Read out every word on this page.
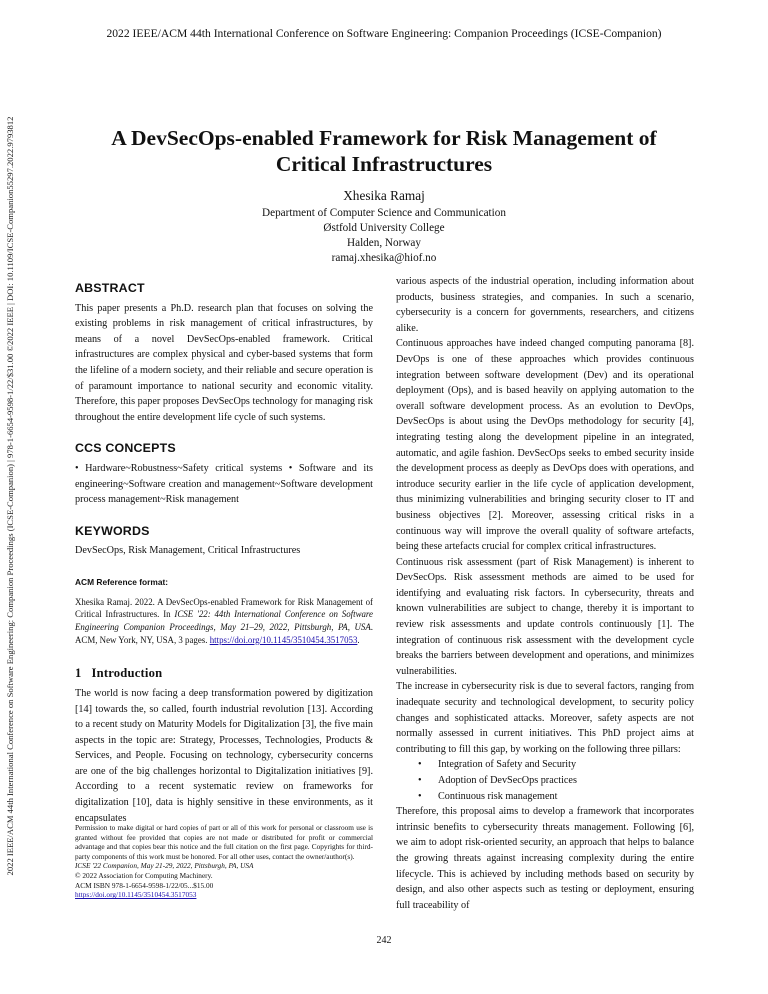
2022 IEEE/ACM 44th International Conference on Software Engineering: Companion Proceedings (ICSE-Companion) | 978-1-6654-9598-1/22/$31.00 ©2022 IEEE | DOI: 10.1109/ICSE-Companion55297.2022.9793812
2022 IEEE/ACM 44th International Conference on Software Engineering: Companion Proceedings (ICSE-Companion)
A DevSecOps-enabled Framework for Risk Management of
Critical Infrastructures
Xhesika Ramaj
Department of Computer Science and Communication
Østfold University College
Halden, Norway
ramaj.xhesika@hiof.no
ABSTRACT

This paper presents a Ph.D. research plan that focuses on solving the existing problems in risk management of critical infrastructures, by means of a novel DevSecOps-enabled framework. Critical infrastructures are complex physical and cyber-based systems that form the lifeline of a modern society, and their reliable and secure operation is of paramount importance to national security and economic vitality. Therefore, this paper proposes DevSecOps technology for managing risk throughout the entire development life cycle of such systems.

CCS CONCEPTS

• Hardware~Robustness~Safety critical systems • Software and its engineering~Software creation and management~Software development process management~Risk management

KEYWORDS

DevSecOps, Risk Management, Critical Infrastructures

ACM Reference format:

Xhesika Ramaj. 2022. A DevSecOps-enabled Framework for Risk Management of Critical Infrastructures. In ICSE '22: 44th International Conference on Software Engineering Companion Proceedings, May 21–29, 2022, Pittsburgh, PA, USA. ACM, New York, NY, USA, 3 pages. https://doi.org/10.1145/3510454.3517053.

1   Introduction

The world is now facing a deep transformation powered by digitization [14] towards the, so called, fourth industrial revolution [13]. According to a recent study on Maturity Models for Digitalization [3], the five main aspects in the topic are: Strategy, Processes, Technologies, Products & Services, and People. Focusing on technology, cybersecurity concerns are one of the big challenges horizontal to Digitalization initiatives [9]. According to a recent systematic review on frameworks for digitalization [10], data is highly sensitive in these environments, as it encapsulates

Permission to make digital or hard copies of part or all of this work for personal or classroom use is granted without fee provided that copies are not made or distributed for profit or commercial advantage and that copies bear this notice and the full citation on the first page. Copyrights for third-party components of this work must be honored. For all other uses, contact the owner/author(s).

ICSE '22 Companion, May 21-29, 2022, Pittsburgh, PA, USA
© 2022 Association for Computing Machinery.
ACM ISBN 978-1-6654-9598-1/22/05...$15.00
https://doi.org/10.1145/3510454.3517053

various aspects of the industrial operation, including information about products, business strategies, and companies. In such a scenario, cybersecurity is a concern for governments, researchers, and citizens alike.

Continuous approaches have indeed changed computing panorama [8]. DevOps is one of these approaches which provides continuous integration between software development (Dev) and its operational deployment (Ops), and is based heavily on applying automation to the overall software development process. As an evolution to DevOps, DevSecOps is about using the DevOps methodology for security [4], integrating testing along the development pipeline in an integrated, automatic, and agile fashion. DevSecOps seeks to embed security inside the development process as deeply as DevOps does with operations, and introduce security earlier in the life cycle of application development, thus minimizing vulnerabilities and bringing security closer to IT and business objectives [2]. Moreover, assessing critical risks in a continuous way will improve the overall quality of software artefacts, being these artefacts crucial for complex critical infrastructures.

Continuous risk assessment (part of Risk Management) is inherent to DevSecOps. Risk assessment methods are aimed to be used for identifying and evaluating risk factors. In cybersecurity, threats and known vulnerabilities are subject to change, thereby it is important to review risk assessments and update controls continuously [1]. The integration of continuous risk assessment with the development cycle breaks the barriers between development and operations, and minimizes vulnerabilities.

The increase in cybersecurity risk is due to several factors, ranging from inadequate security and technological development, to security policy changes and sophisticated attacks. Moreover, safety aspects are not normally assessed in current initiatives. This PhD project aims at contributing to fill this gap, by working on the following three pillars:

• Integration of Safety and Security
• Adoption of DevSecOps practices
• Continuous risk management

Therefore, this proposal aims to develop a framework that incorporates intrinsic benefits to cybersecurity threats management. Following [6], we aim to adopt risk-oriented security, an approach that helps to balance the growing threats against increasing complexity during the entire lifecycle. This is achieved by including methods based on security by design, and also other aspects such as testing or deployment, ensuring full traceability of

242
